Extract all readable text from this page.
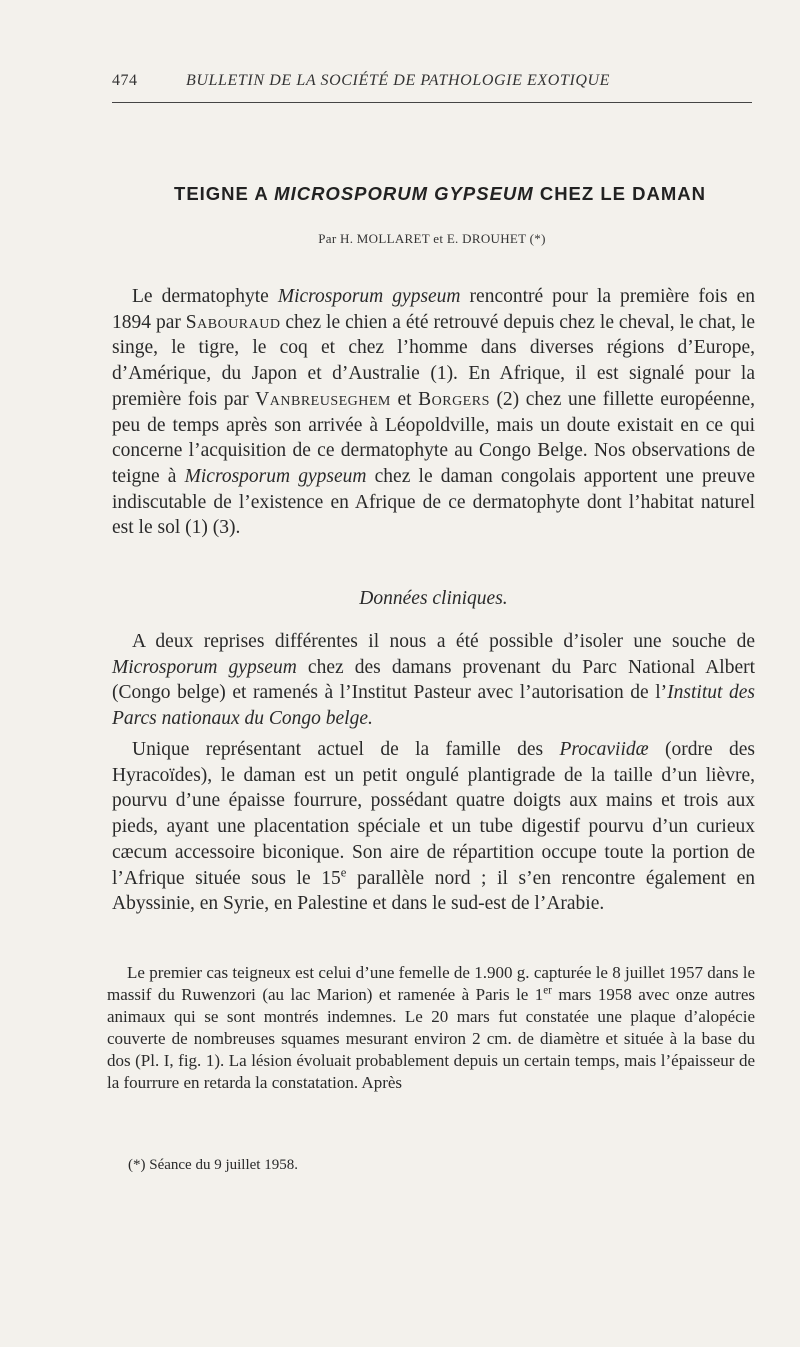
474	BULLETIN DE LA SOCIÉTÉ DE PATHOLOGIE EXOTIQUE
TEIGNE A MICROSPORUM GYPSEUM CHEZ LE DAMAN
Par H. MOLLARET et E. DROUHET (*)

Le dermatophyte Microsporum gypseum rencontré pour la première fois en 1894 par Sabouraud chez le chien a été retrouvé depuis chez le cheval, le chat, le singe, le tigre, le coq et chez l’homme dans diverses régions d’Europe, d’Amérique, du Japon et d’Australie (1). En Afrique, il est signalé pour la première fois par Vanbreuseghem et Borgers (2) chez une fillette européenne, peu de temps après son arrivée à Léopoldville, mais un doute existait en ce qui concerne l’acquisition de ce dermatophyte au Congo Belge. Nos observations de teigne à Microsporum gypseum chez le daman congolais apportent une preuve indiscutable de l’existence en Afrique de ce dermatophyte dont l’habitat naturel est le sol (1) (3).

Données cliniques.

A deux reprises différentes il nous a été possible d’isoler une souche de Microsporum gypseum chez des damans provenant du Parc National Albert (Congo belge) et ramenés à l’Institut Pasteur avec l’autorisation de l’Institut des Parcs nationaux du Congo belge.

Unique représentant actuel de la famille des Procaviidæ (ordre des Hyracoïdes), le daman est un petit ongulé plantigrade de la taille d’un lièvre, pourvu d’une épaisse fourrure, possédant quatre doigts aux mains et trois aux pieds, ayant une placentation spéciale et un tube digestif pourvu d’un curieux cæcum accessoire biconique. Son aire de répartition occupe toute la portion de l’Afrique située sous le 15e parallèle nord ; il s’en rencontre également en Abyssinie, en Syrie, en Palestine et dans le sud-est de l’Arabie.

Le premier cas teigneux est celui d’une femelle de 1.900 g. capturée le 8 juillet 1957 dans le massif du Ruwenzori (au lac Marion) et ramenée à Paris le 1er mars 1958 avec onze autres animaux qui se sont montrés indemnes. Le 20 mars fut constatée une plaque d’alopécie couverte de nombreuses squames mesurant environ 2 cm. de diamètre et située à la base du dos (Pl. I, fig. 1). La lésion évoluait probablement depuis un certain temps, mais l’épaisseur de la fourrure en retarda la constatation. Après

(*) Séance du 9 juillet 1958.
